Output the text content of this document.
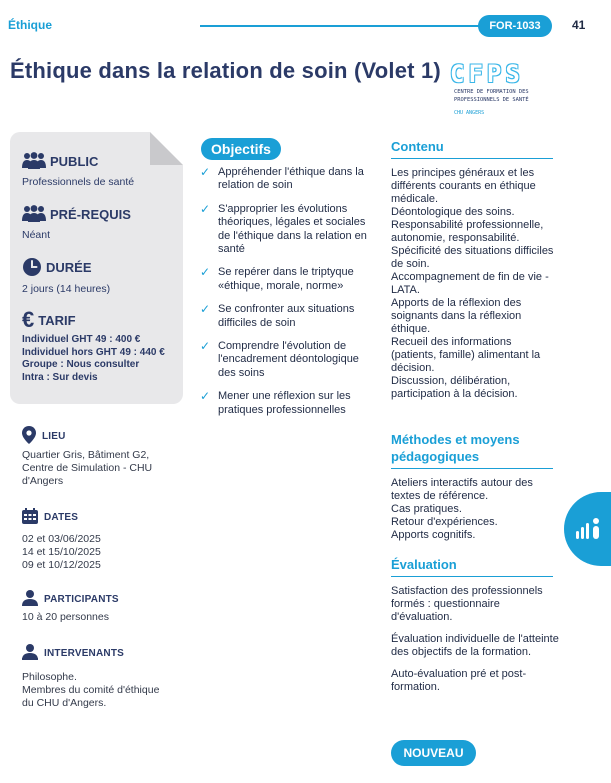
Éthique	FOR-1033	41
Éthique dans la relation de soin (Volet 1) CFPS
CENTRE DE FORMATION DES
PROFESSIONNELS DE SANTÉ
CHU ANGERS
PUBLIC
Professionnels de santé
PRÉ-REQUIS
Néant
DURÉE
2 jours (14 heures)
€ TARIF
Individuel GHT 49 : 400 €
Individuel hors GHT 49 : 440 €
Groupe : Nous consulter
Intra : Sur devis
LIEU
Quartier Gris, Bâtiment G2,
Centre de Simulation - CHU
d'Angers
DATES
02 et 03/06/2025
14 et 15/10/2025
09 et 10/12/2025
PARTICIPANTS
10 à 20 personnes
INTERVENANTS
Philosophe.
Membres du comité d'éthique
du CHU d'Angers.
Objectifs
✓ Appréhender l'éthique dans la relation de soin
✓ S'approprier les évolutions théoriques, légales et sociales de l'éthique dans la relation en santé
✓ Se repérer dans le triptyque «éthique, morale, norme»
✓ Se confronter aux situations difficiles de soin
✓ Comprendre l'évolution de l'encadrement déontologique des soins
✓ Mener une réflexion sur les pratiques professionnelles
Contenu

Les principes généraux et les différents courants en éthique médicale.

Déontologique des soins.

Responsabilité professionnelle, autonomie, responsabilité.

Spécificité des situations difficiles de soin.

Accompagnement de fin de vie - LATA.

Apports de la réflexion des soignants dans la réflexion éthique.

Recueil des informations (patients, famille) alimentant la décision.

Discussion, délibération, participation à la décision.

Méthodes et moyens pédagogiques

Ateliers interactifs autour des textes de référence.

Cas pratiques.

Retour d'expériences.

Apports cognitifs.

Évaluation

Satisfaction des professionnels formés : questionnaire d'évaluation.

Évaluation individuelle de l'atteinte des objectifs de la formation.

Auto-évaluation pré et post-formation.

NOUVEAU
